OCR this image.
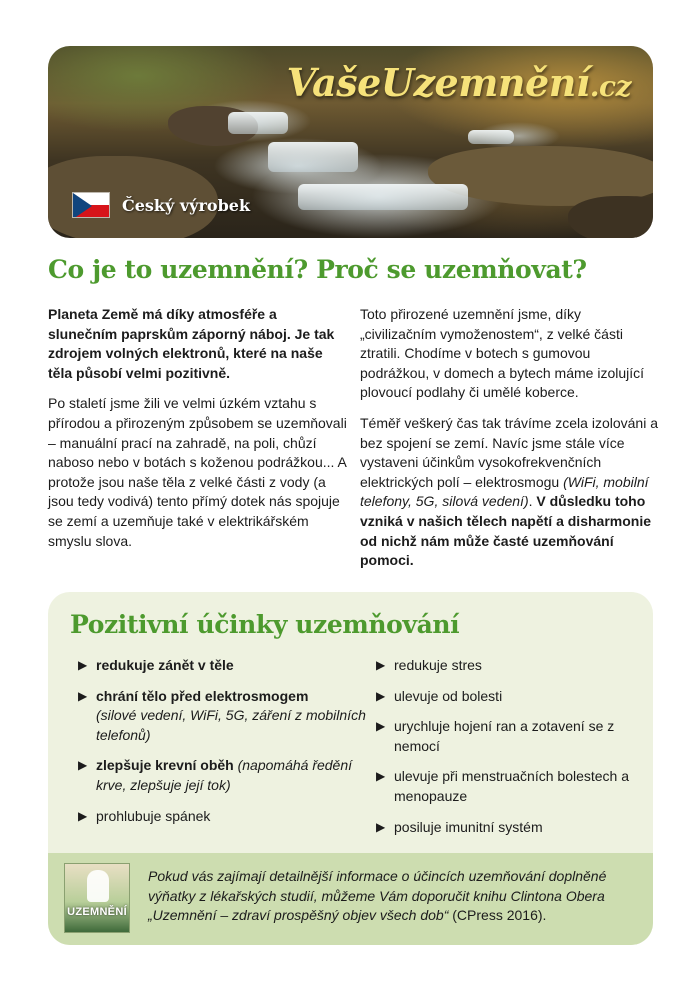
VašeUzemnění.cz
Český výrobek
Co je to uzemnění? Proč se uzemňovat?

Planeta Země má díky atmosféře a slunečním paprskům záporný náboj. Je tak zdrojem volných elektronů, které na naše těla působí velmi pozitivně.

Po staletí jsme žili ve velmi úzkém vztahu s přírodou a přirozeným způsobem se uzemňovali – manuální prací na zahradě, na poli, chůzí naboso nebo v botách s koženou podrážkou... A protože jsou naše těla z velké části z vody (a jsou tedy vodivá) tento přímý dotek nás spojuje se zemí a uzemňuje také v elektrikářském smyslu slova.

Toto přirozené uzemnění jsme, díky „civilizačním vymoženostem“, z velké části ztratili. Chodíme v botech s gumovou podrážkou, v domech a bytech máme izolující plovoucí podlahy či umělé koberce.

Téměř veškerý čas tak trávíme zcela izolováni a bez spojení se zemí. Navíc jsme stále více vystaveni účinkům vysokofrekvenčních elektrických polí – elektrosmogu (WiFi, mobilní telefony, 5G, silová vedení). V důsledku toho vzniká v našich tělech napětí a disharmonie od nichž nám může časté uzemňování pomoci.

Pozitivní účinky uzemňování
▶ redukuje zánět v těle
▶ chrání tělo před elektrosmogem
(silové vedení, WiFi, 5G, záření z mobilních telefonů)
▶ zlepšuje krevní oběh (napomáhá ředění krve, zlepšuje její tok)
▶ prohlubuje spánek
▶ redukuje stres
▶ ulevuje od bolesti
▶ urychluje hojení ran a zotavení se z nemocí
▶ ulevuje při menstruačních bolestech a menopauze
▶ posiluje imunitní systém
UZEMNĚNÍ

Pokud vás zajímají detailnější informace o účincích uzemňování doplněné výňatky z lékařských studií, můžeme Vám doporučit knihu Clintona Obera „Uzemnění – zdraví prospěšný objev všech dob“ (CPress 2016).
